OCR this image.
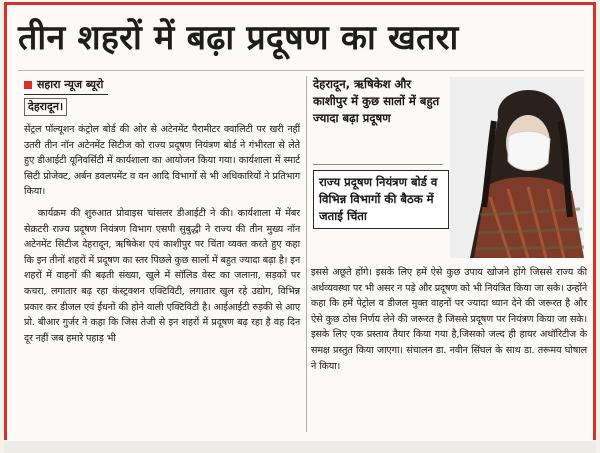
तीन शहरों में बढ़ा प्रदूषण का खतरा
सहारा न्यूज ब्यूरो
देहरादून।

सेंट्रल पॉल्यूशन कंट्रोल बोर्ड की ओर से अटेनमेंट पैरामीटर क्वालिटी पर खरी नहीं उतरी तीन नॉन अटेनमेंट सिटीज को राज्य प्रदूषण नियंत्रण बोर्ड ने गंभीरता से लेते हुए डीआईटी यूनिवर्सिटी में कार्यशाला का आयोजन किया गया। कार्यशाला में स्मार्ट सिटी प्रोजेक्ट, अर्बन डवलपमेंट व वन आदि विभागों से भी अधिकारियों ने प्रतिभाग किया।

कार्यक्रम की शुरुआत प्रोवाइस चांसलर डीआईटी ने की। कार्यशाला में मेंबर सेक्रटरी राज्य प्रदूषण नियंत्रण विभाग एसपी सुबुद्धी ने राज्य की तीन मुख्य नॉन अटेनमेंट सिटीज देहरादून, ऋषिकेश एवं काशीपुर पर चिंता व्यक्त करते हुए कहा कि इन तीनों शहरों में प्रदूषण का स्तर पिछले कुछ सालों में बहुत ज्यादा बढ़ा है। इन शहरों में वाहनों की बढ़ती संख्या, खुले में सॉलिड वेस्ट का जलाना, सड़कों पर कचरा, लगातार बढ़ रहा कंस्ट्रक्शन एक्टिविटी, लगातार खुल रहे उद्योग, विभिन्न प्रकार कर डीजल एवं ईंधनों की होने वाली एक्टिविटी है। आईआईटी रुड़की से आए प्रो. बीआर गुर्जर ने कहा कि जिस तेजी से इन शहरों में प्रदूषण बढ़ रहा है वह दिन दूर नहीं जब हमारे पहाड़ भी

देहरादून, ऋषिकेश और काशीपुर में कुछ सालों में बहुत ज्यादा बढ़ा प्रदूषण
राज्य प्रदूषण नियंत्रण बोर्ड व विभिन्न विभागों की बैठक में जताई चिंता

इससे अछूते होंगे। इसके लिए हमें ऐसे कुछ उपाय खोजने होंगे जिससे राज्य की अर्थव्यवस्था पर भी असर न पड़े और प्रदूषण को भी नियंत्रित किया जा सके। उन्होंने कहा कि हमें पेट्रोल व डीजल मुक्त वाहनों पर ज्यादा ध्यान देने की जरूरत है और ऐसे कुछ ठोस निर्णय लेने की जरूरत है जिससे प्रदूषण पर नियंत्रण किया जा सके। इसके लिए एक प्रस्ताव तैयार किया गया है,जिसको जल्द ही हायर अथॉरिटीज के समक्ष प्रस्तुत किया जाएगा। संचालन डा. नवीन सिंघल के साथ डा. तरूमय घोषाल ने किया।
